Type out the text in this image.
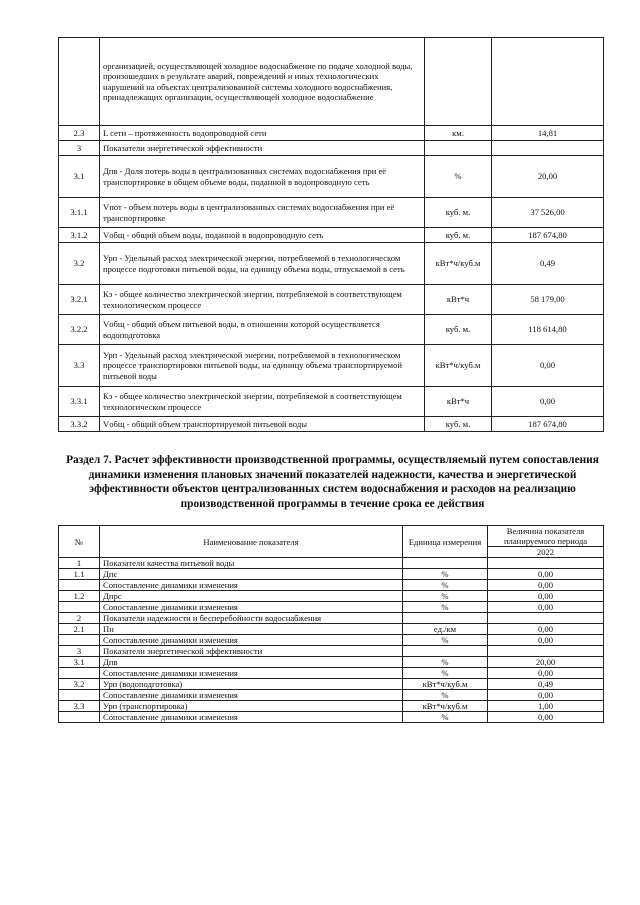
	организацией, осуществляющей холодное водоснабжение по подаче холодной воды, произошедших в результате аварий, повреждений и иных технологических нарушений на объектах централизованной системы холодного водоснабжения, принадлежащих организации, осуществляющей холодное водоснабжение		
2.3	L сети – протяженность водопроводной сети	км.	14,81
3	Показатели энергетической эффективности		
3.1	Дпв - Доля потерь воды в централизованных системах водоснабжения при её транспортировке в общем объеме воды, поданной в водопроводную сеть	%	20,00
3.1.1	Vпот - объем потерь воды в централизованных системах водоснабжения при её транспортировке	куб. м.	37 526,00
3.1.2	Vобщ - общий объем воды, поданной в водопроводную сеть	куб. м.	187 674,80
3.2	Урп - Удельный расход электрической энергии, потребляемой в технологическом процессе подготовки питьевой воды, на единицу объема воды, отпускаемой в сеть	кВт*ч/куб.м	0,49
3.2.1	Кэ - общее количество электрической энергии, потребляемой в соответствующем технологическом процессе	кВт*ч	58 179,00
3.2.2	Vобщ - общий объем питьевой воды, в отношении которой осуществляется водоподготовка	куб. м.	118 614,80
3.3	Урп - Удельный расход электрической энергии, потребляемой в технологическом процессе транспортировки питьевой воды, на единицу объема транспортируемой питьевой воды	кВт*ч/куб.м	0,00
3.3.1	Кэ - общее количество электрической энергии, потребляемой в соответствующем технологическом процессе	кВт*ч	0,00
3.3.2	Vобщ - общий объем транспортируемой питьевой воды	куб. м.	187 674,80

Раздел 7. Расчет эффективности производственной программы, осуществляемый путем сопоставления динамики изменения плановых значений показателей надежности, качества и энергетической эффективности объектов централизованных систем водоснабжения и расходов на реализацию производственной программы в течение срока ее действия

№	Наименование показателя	Единица измерения	Величина показателя планируемого периода
			2022
1	Показатели качества питьевой воды		
1.1	Дпс	%	0,00
	Сопоставление динамики изменения	%	0,00
1.2	Дпрс	%	0,00
	Сопоставление динамики изменения	%	0,00
2	Показатели надежности и бесперебойности водоснабжения		
2.1	Пн	ед./км	0,00
	Сопоставление динамики изменения	%	0,00
3	Показатели энергетической эффективности		
3.1	Дпв	%	20,00
	Сопоставление динамики изменения	%	0,00
3.2	Урп (водоподготовка)	кВт*ч/куб.м	0,49
	Сопоставление динамики изменения	%	0,00
3.3	Урп (транспортировка)	кВт*ч/куб.м	1,00
	Сопоставление динамики изменения	%	0,00
